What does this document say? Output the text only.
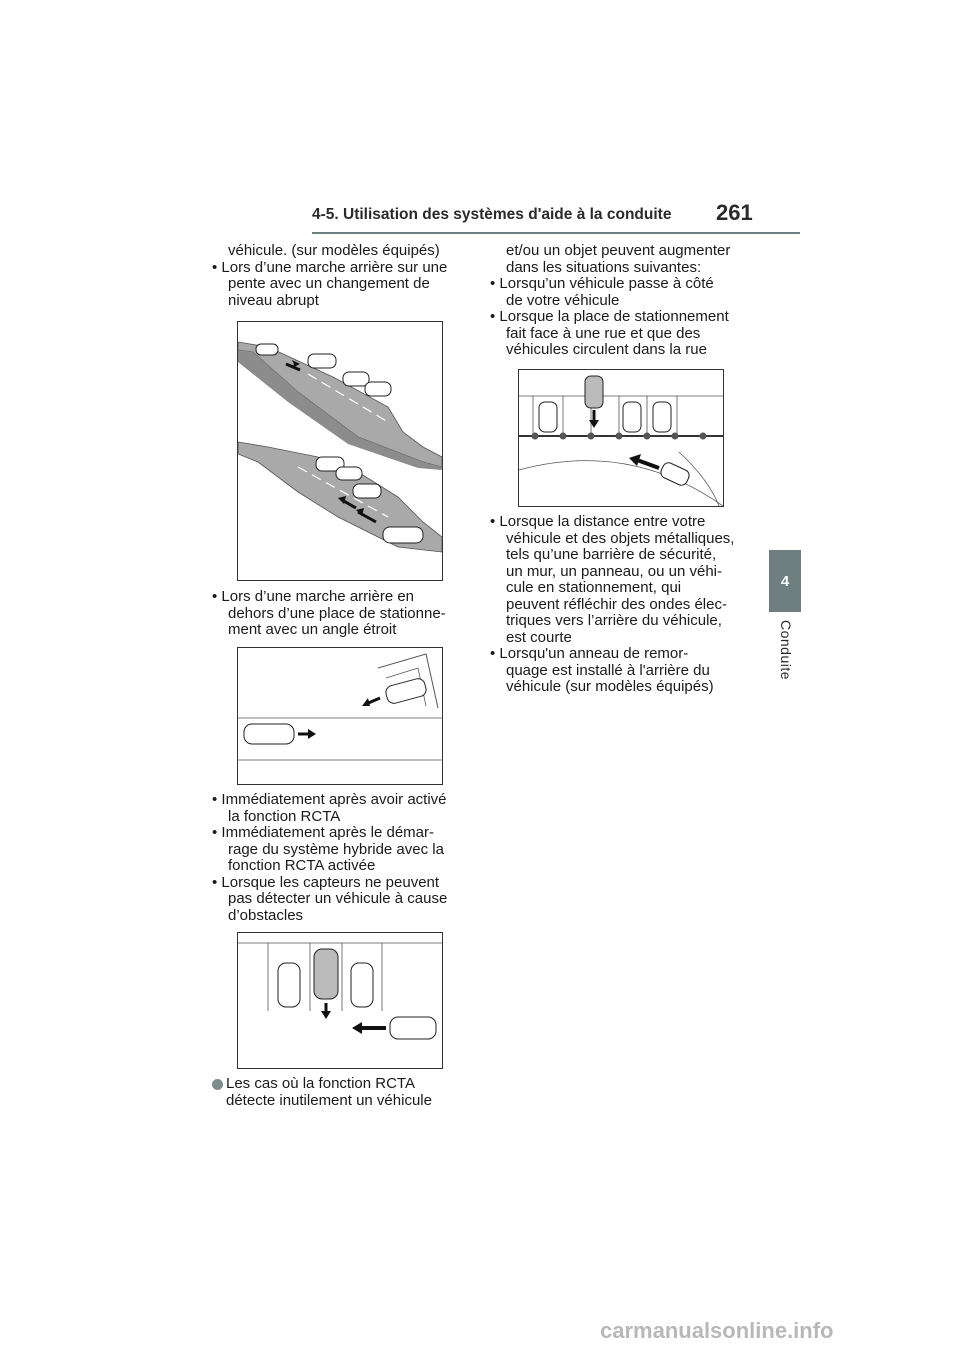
4-5. Utilisation des systèmes d'aide à la conduite 261
4
Conduite
véhicule. (sur modèles équipés)
• Lors d’une marche arrière sur une
pente avec un changement de
niveau abrupt
• Lors d’une marche arrière en
dehors d’une place de stationne-
ment avec un angle étroit
• Immédiatement après avoir activé
la fonction RCTA
• Immédiatement après le démar-
rage du système hybride avec la
fonction RCTA activée
• Lorsque les capteurs ne peuvent
pas détecter un véhicule à cause
d’obstacles
Les cas où la fonction RCTA
détecte inutilement un véhicule
et/ou un objet peuvent augmenter
dans les situations suivantes:
• Lorsqu’un véhicule passe à côté
de votre véhicule
• Lorsque la place de stationnement
fait face à une rue et que des
véhicules circulent dans la rue
• Lorsque la distance entre votre
véhicule et des objets métalliques,
tels qu’une barrière de sécurité,
un mur, un panneau, ou un véhi-
cule en stationnement, qui
peuvent réfléchir des ondes élec-
triques vers l’arrière du véhicule,
est courte
• Lorsqu'un anneau de remor-
quage est installé à l'arrière du
véhicule (sur modèles équipés)
carmanualsonline.info
